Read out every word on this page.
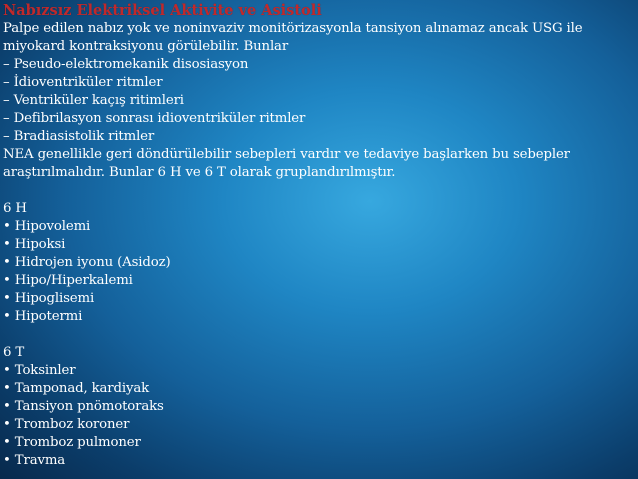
Nabızsız Elektriksel Aktivite ve Asistoli
Palpe edilen nabız yok ve noninvaziv monitörizasyonla tansiyon alınamaz ancak USG ile miyokard kontraksiyonu görülebilir. Bunlar
– Pseudo-elektromekanik disosiasyon
– İdioventriküler ritmler
– Ventriküler kaçış ritimleri
– Defibrilasyon sonrası idioventriküler ritmler
– Bradiasistolik ritmler
NEA genellikle geri döndürülebilir sebepleri vardır ve tedaviye başlarken bu sebepler araştırılmalıdır. Bunlar 6 H ve 6 T olarak gruplandırılmıştır.
6 H
• Hipovolemi
• Hipoksi
• Hidrojen iyonu (Asidoz)
• Hipo/Hiperkalemi
• Hipoglisemi
• Hipotermi
6 T
• Toksinler
• Tamponad, kardiyak
• Tansiyon pnömotoraks
• Tromboz koroner
• Tromboz pulmoner
• Travma
